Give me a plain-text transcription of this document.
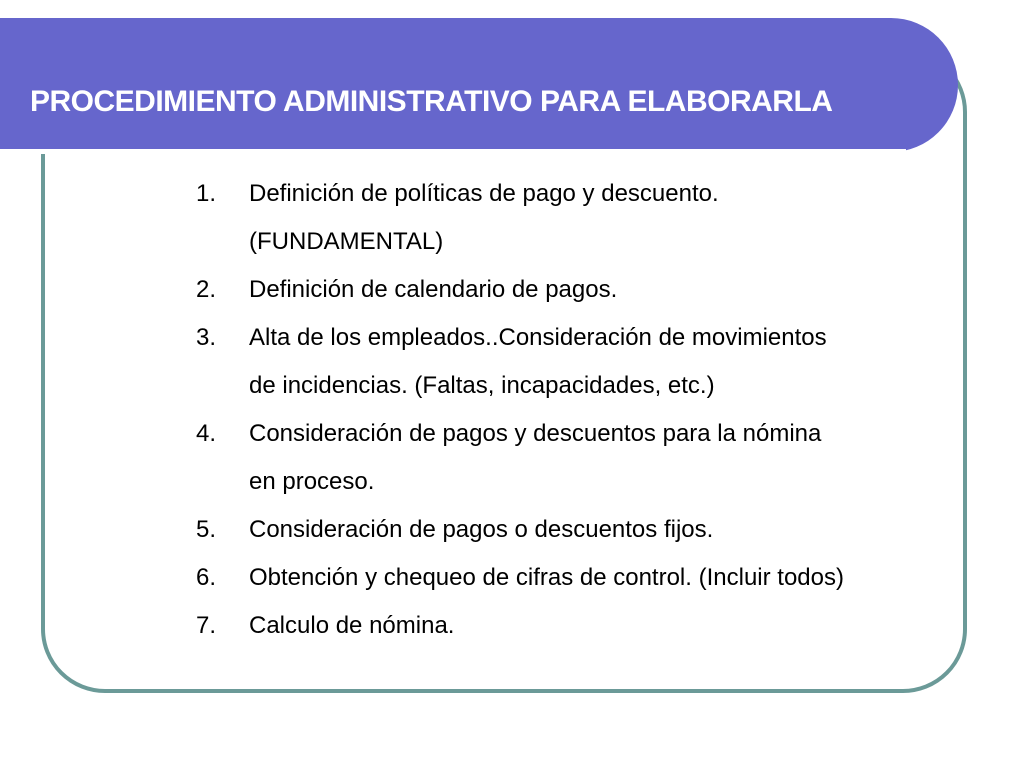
PROCEDIMIENTO ADMINISTRATIVO PARA ELABORARLA
1.	Definición de políticas de pago y descuento.
(FUNDAMENTAL)
2.	Definición de calendario de pagos.
3.	Alta de los empleados..Consideración de movimientos
de incidencias. (Faltas, incapacidades, etc.)
4.	Consideración de pagos y descuentos para la nómina
en proceso.
5.	Consideración de pagos o descuentos fijos.
6.	Obtención y chequeo de cifras de control. (Incluir todos)
7.	Calculo de nómina.
